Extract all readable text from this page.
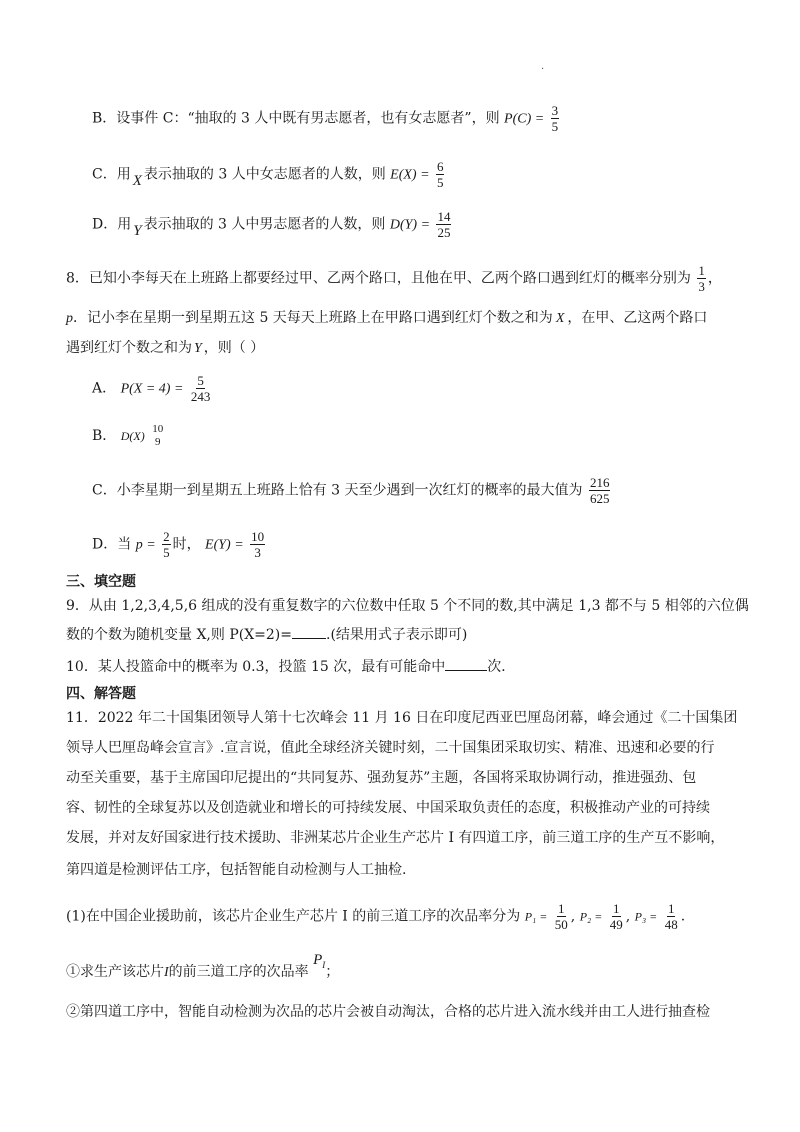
·
B．设事件 C：“抽取的 3 人中既有男志愿者，也有女志愿者”，则 $P(C) = \frac{3}{5}$
C．用 X 表示抽取的 3 人中女志愿者的人数，则 $E(X) = \frac{6}{5}$
D．用 Y 表示抽取的 3 人中男志愿者的人数，则 $D(Y) = \frac{14}{25}$
8．已知小李每天在上班路上都要经过甲、乙两个路口，且他在甲、乙两个路口遇到红灯的概率分别为 $\frac{1}{3}$ ，
p．记小李在星期一到星期五这 5 天每天上班路上在甲路口遇到红灯个数之和为 X ，在甲、乙这两个路口
遇到红灯个数之和为 Y ，则（ ）
A． $P(X = 4) = \frac{5}{243}$
B． D(X) 10
9
C．小李星期一到星期五上班路上恰有 3 天至少遇到一次红灯的概率的最大值为 $\frac{216}{625}$
D．当 $p = \frac{2}{5}$ 时， $E(Y) = \frac{10}{3}$
三、填空题
9．从由 1,2,3,4,5,6 组成的没有重复数字的六位数中任取 5 个不同的数,其中满足 1,3 都不与 5 相邻的六位偶
数的个数为随机变量 X,则 P(X=2)= .(结果用式子表示即可)
10．某人投篮命中的概率为 0.3，投篮 15 次，最有可能命中	次．
四、解答题
11．2022 年二十国集团领导人第十七次峰会 11 月 16 日在印度尼西亚巴厘岛闭幕，峰会通过《二十国集团
领导人巴厘岛峰会宣言》.宣言说，值此全球经济关键时刻，二十国集团采取切实、精准、迅速和必要的行
动至关重要，基于主席国印尼提出的“共同复苏、强劲复苏”主题，各国将采取协调行动，推进强劲、包
容、韧性的全球复苏以及创造就业和增长的可持续发展、中国采取负责任的态度，积极推动产业的可持续
发展，并对友好国家进行技术援助、非洲某芯片企业生产芯片 I 有四道工序，前三道工序的生产互不影响，
第四道是检测评估工序，包括智能自动检测与人工抽检.
(1)在中国企业援助前，该芯片企业生产芯片 I 的前三道工序的次品率分为 $P_1 = \frac{1}{50}$ , $P_2 = \frac{1}{49}$ , $P_3 = \frac{1}{48}$ .
①求生产该芯片I的前三道工序的次品率 $P_I$；
②第四道工序中，智能自动检测为次品的芯片会被自动淘汰，合格的芯片进入流水线并由工人进行抽查检
